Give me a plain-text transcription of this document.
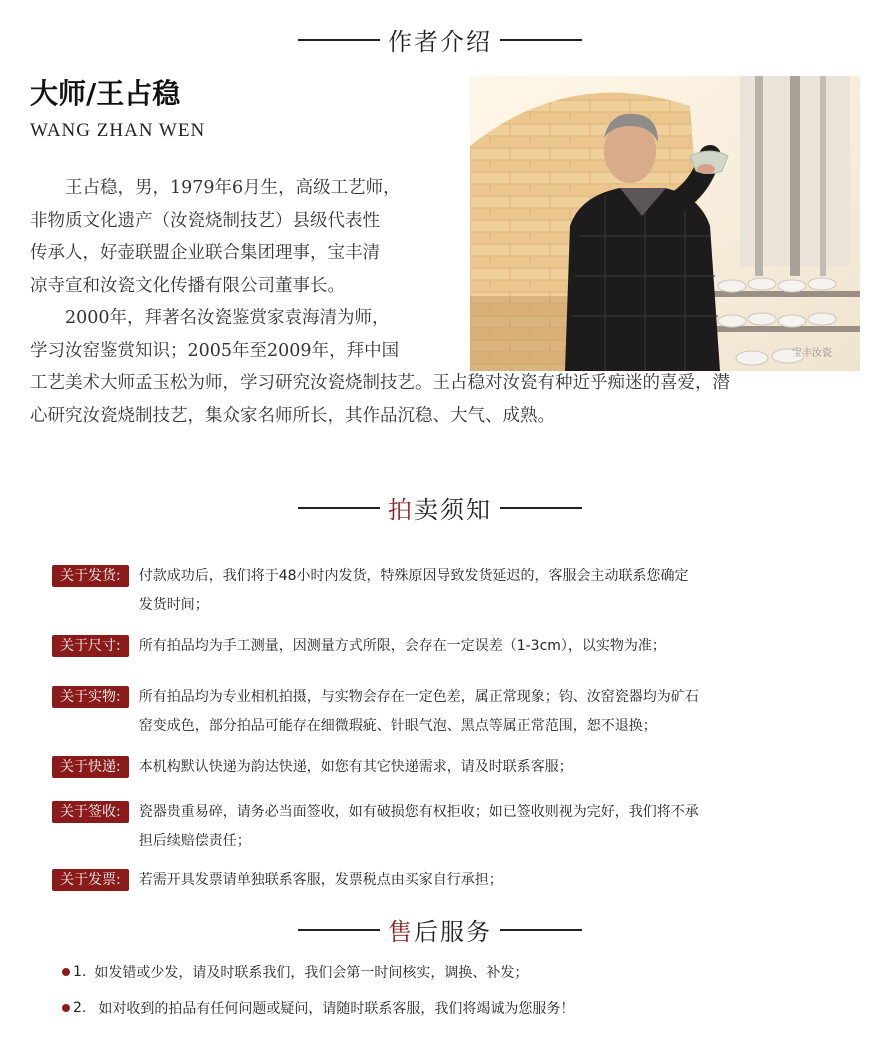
作者介绍
大师/王占稳
WANG ZHAN WEN

王占稳，男，1979年6月生，高级工艺师，

非物质文化遗产（汝瓷烧制技艺）县级代表性

传承人，好壶联盟企业联合集团理事，宝丰清

凉寺宣和汝瓷文化传播有限公司董事长。

2000年，拜著名汝瓷鉴赏家袁海清为师，

学习汝窑鉴赏知识；2005年至2009年，拜中国

工艺美术大师孟玉松为师，学习研究汝瓷烧制技艺。王占稳对汝瓷有种近乎痴迷的喜爱，潜

心研究汝瓷烧制技艺，集众家名师所长，其作品沉稳、大气、成熟。

宝丰汝瓷
拍卖须知
关于发货:	付款成功后，我们将于48小时内发货，特殊原因导致发货延迟的，客服会主动联系您确定
发货时间；
关于尺寸:	所有拍品均为手工测量，因测量方式所限，会存在一定误差（1-3cm），以实物为准；
关于实物:	所有拍品均为专业相机拍摄，与实物会存在一定色差，属正常现象；钧、汝窑瓷器均为矿石
窑变成色，部分拍品可能存在细微瑕疵、针眼气泡、黑点等属正常范围，恕不退换；
关于快递:	本机构默认快递为韵达快递，如您有其它快递需求，请及时联系客服；
关于签收:	瓷器贵重易碎，请务必当面签收，如有破损您有权拒收；如已签收则视为完好，我们将不承
担后续赔偿责任；
关于发票:	若需开具发票请单独联系客服，发票税点由买家自行承担；
售后服务
1. 如发错或少发，请及时联系我们，我们会第一时间核实，调换、补发；
2. 如对收到的拍品有任何问题或疑问，请随时联系客服，我们将竭诚为您服务！
